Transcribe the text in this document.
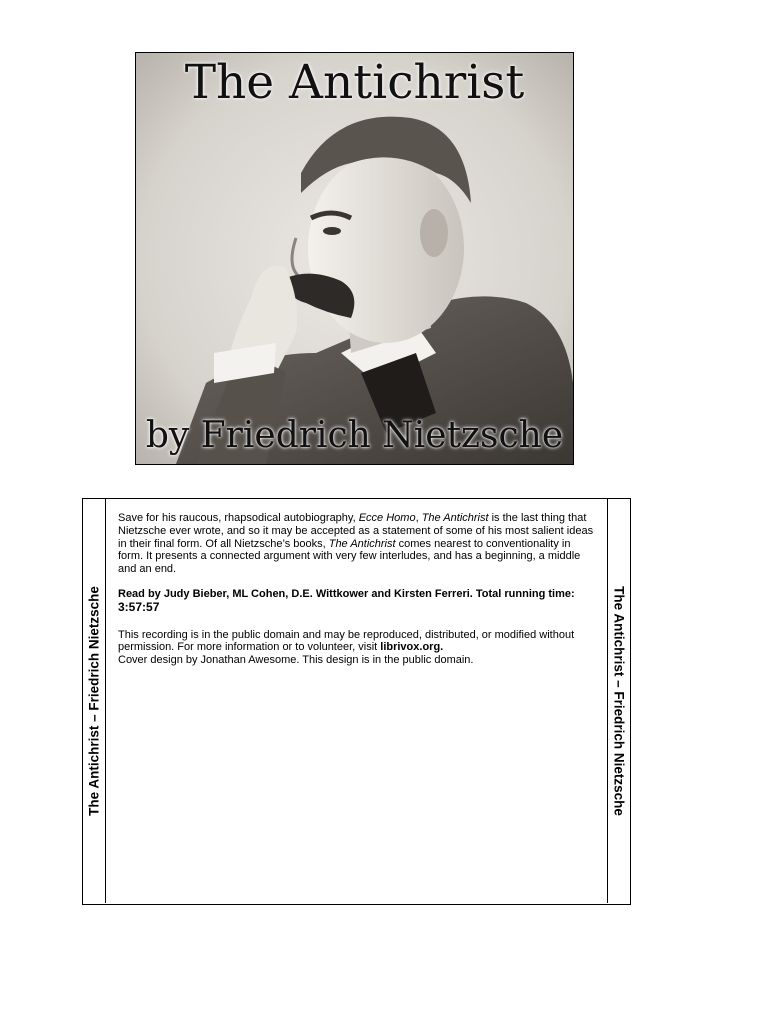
The Antichrist
by Friedrich Nietzsche
The Antichrist – Friedrich Nietzsche

Save for his raucous, rhapsodical autobiography, Ecce Homo, The Antichrist is the last thing that Nietzsche ever wrote, and so it may be accepted as a statement of some of his most salient ideas in their final form. Of all Nietzsche’s books, The Antichrist comes nearest to conventionality in form. It presents a connected argument with very few interludes, and has a beginning, a middle and an end.

Read by Judy Bieber, ML Cohen, D.E. Wittkower and Kirsten Ferreri. Total running time: 3:57:57

This recording is in the public domain and may be reproduced, distributed, or modified without permission. For more information or to volunteer, visit librivox.org.

Cover design by Jonathan Awesome. This design is in the public domain.	The Antichrist – Friedrich Nietzsche
